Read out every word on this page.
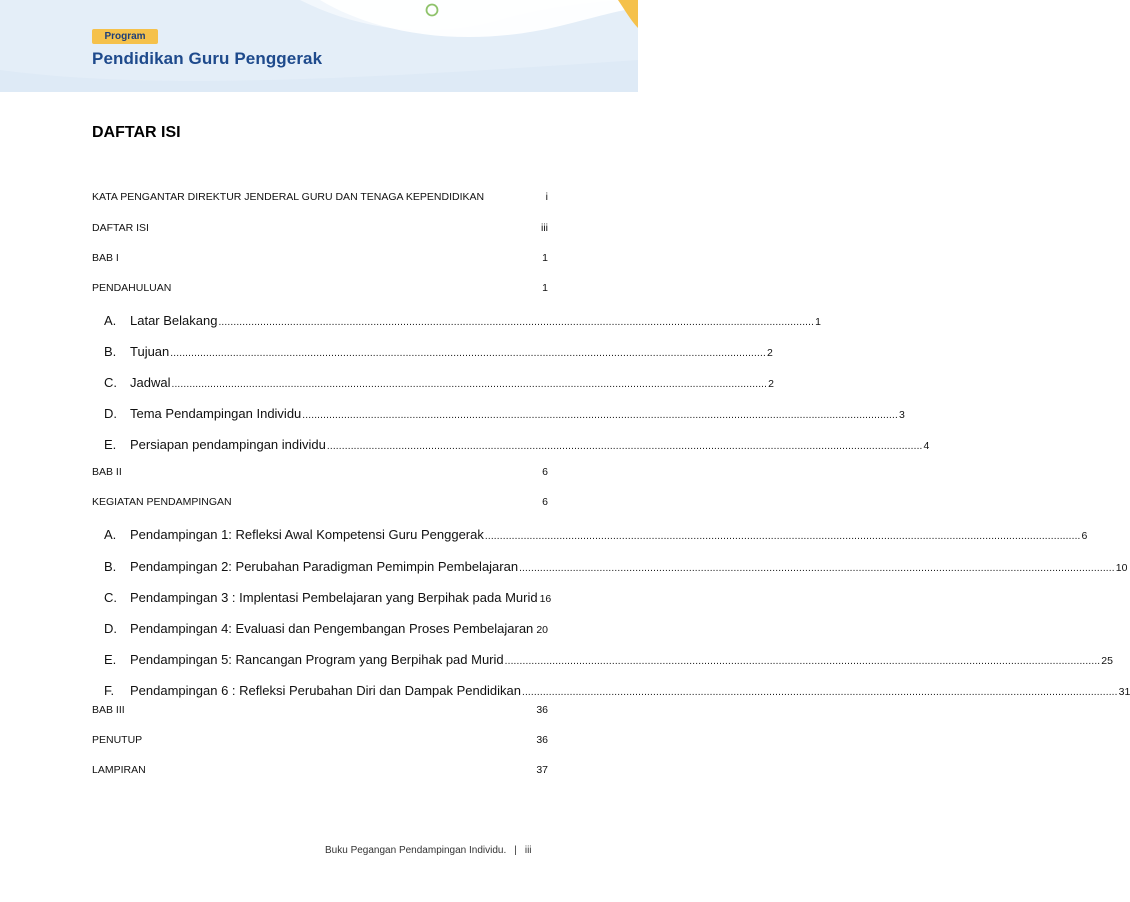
Program
Pendidikan Guru Penggerak
DAFTAR ISI
KATA PENGANTAR DIREKTUR JENDERAL GURU DAN TENAGA KEPENDIDIKAN	i
DAFTAR ISI	iii
BAB I	1
PENDAHULUAN	1
A.	Latar Belakang ........................................................................................................................................................................................................ 1
B.	Tujuan ........................................................................................................................................................................................................ 2
C.	Jadwal ........................................................................................................................................................................................................ 2
D.	Tema Pendampingan Individu ........................................................................................................................................................................................................ 3
E.	Persiapan pendampingan individu ........................................................................................................................................................................................................ 4
BAB II	6
KEGIATAN PENDAMPINGAN	6
A.	Pendampingan 1: Refleksi Awal Kompetensi Guru Penggerak ........................................................................................................................................................................................................ 6
B.	Pendampingan 2: Perubahan Paradigman Pemimpin Pembelajaran ........................................................................................................................................................................................................ 10
C.	Pendampingan 3 : Implentasi Pembelajaran yang Berpihak pada Murid 16
D.	Pendampingan 4: Evaluasi dan Pengembangan Proses Pembelajaran 20
E.	Pendampingan 5: Rancangan Program yang Berpihak pad Murid ........................................................................................................................................................................................................ 25
F.	Pendampingan 6 : Refleksi Perubahan Diri dan Dampak Pendidikan ........................................................................................................................................................................................................ 31
BAB III	36
PENUTUP	36
LAMPIRAN	37
Buku Pegangan Pendampingan Individu. | iii
